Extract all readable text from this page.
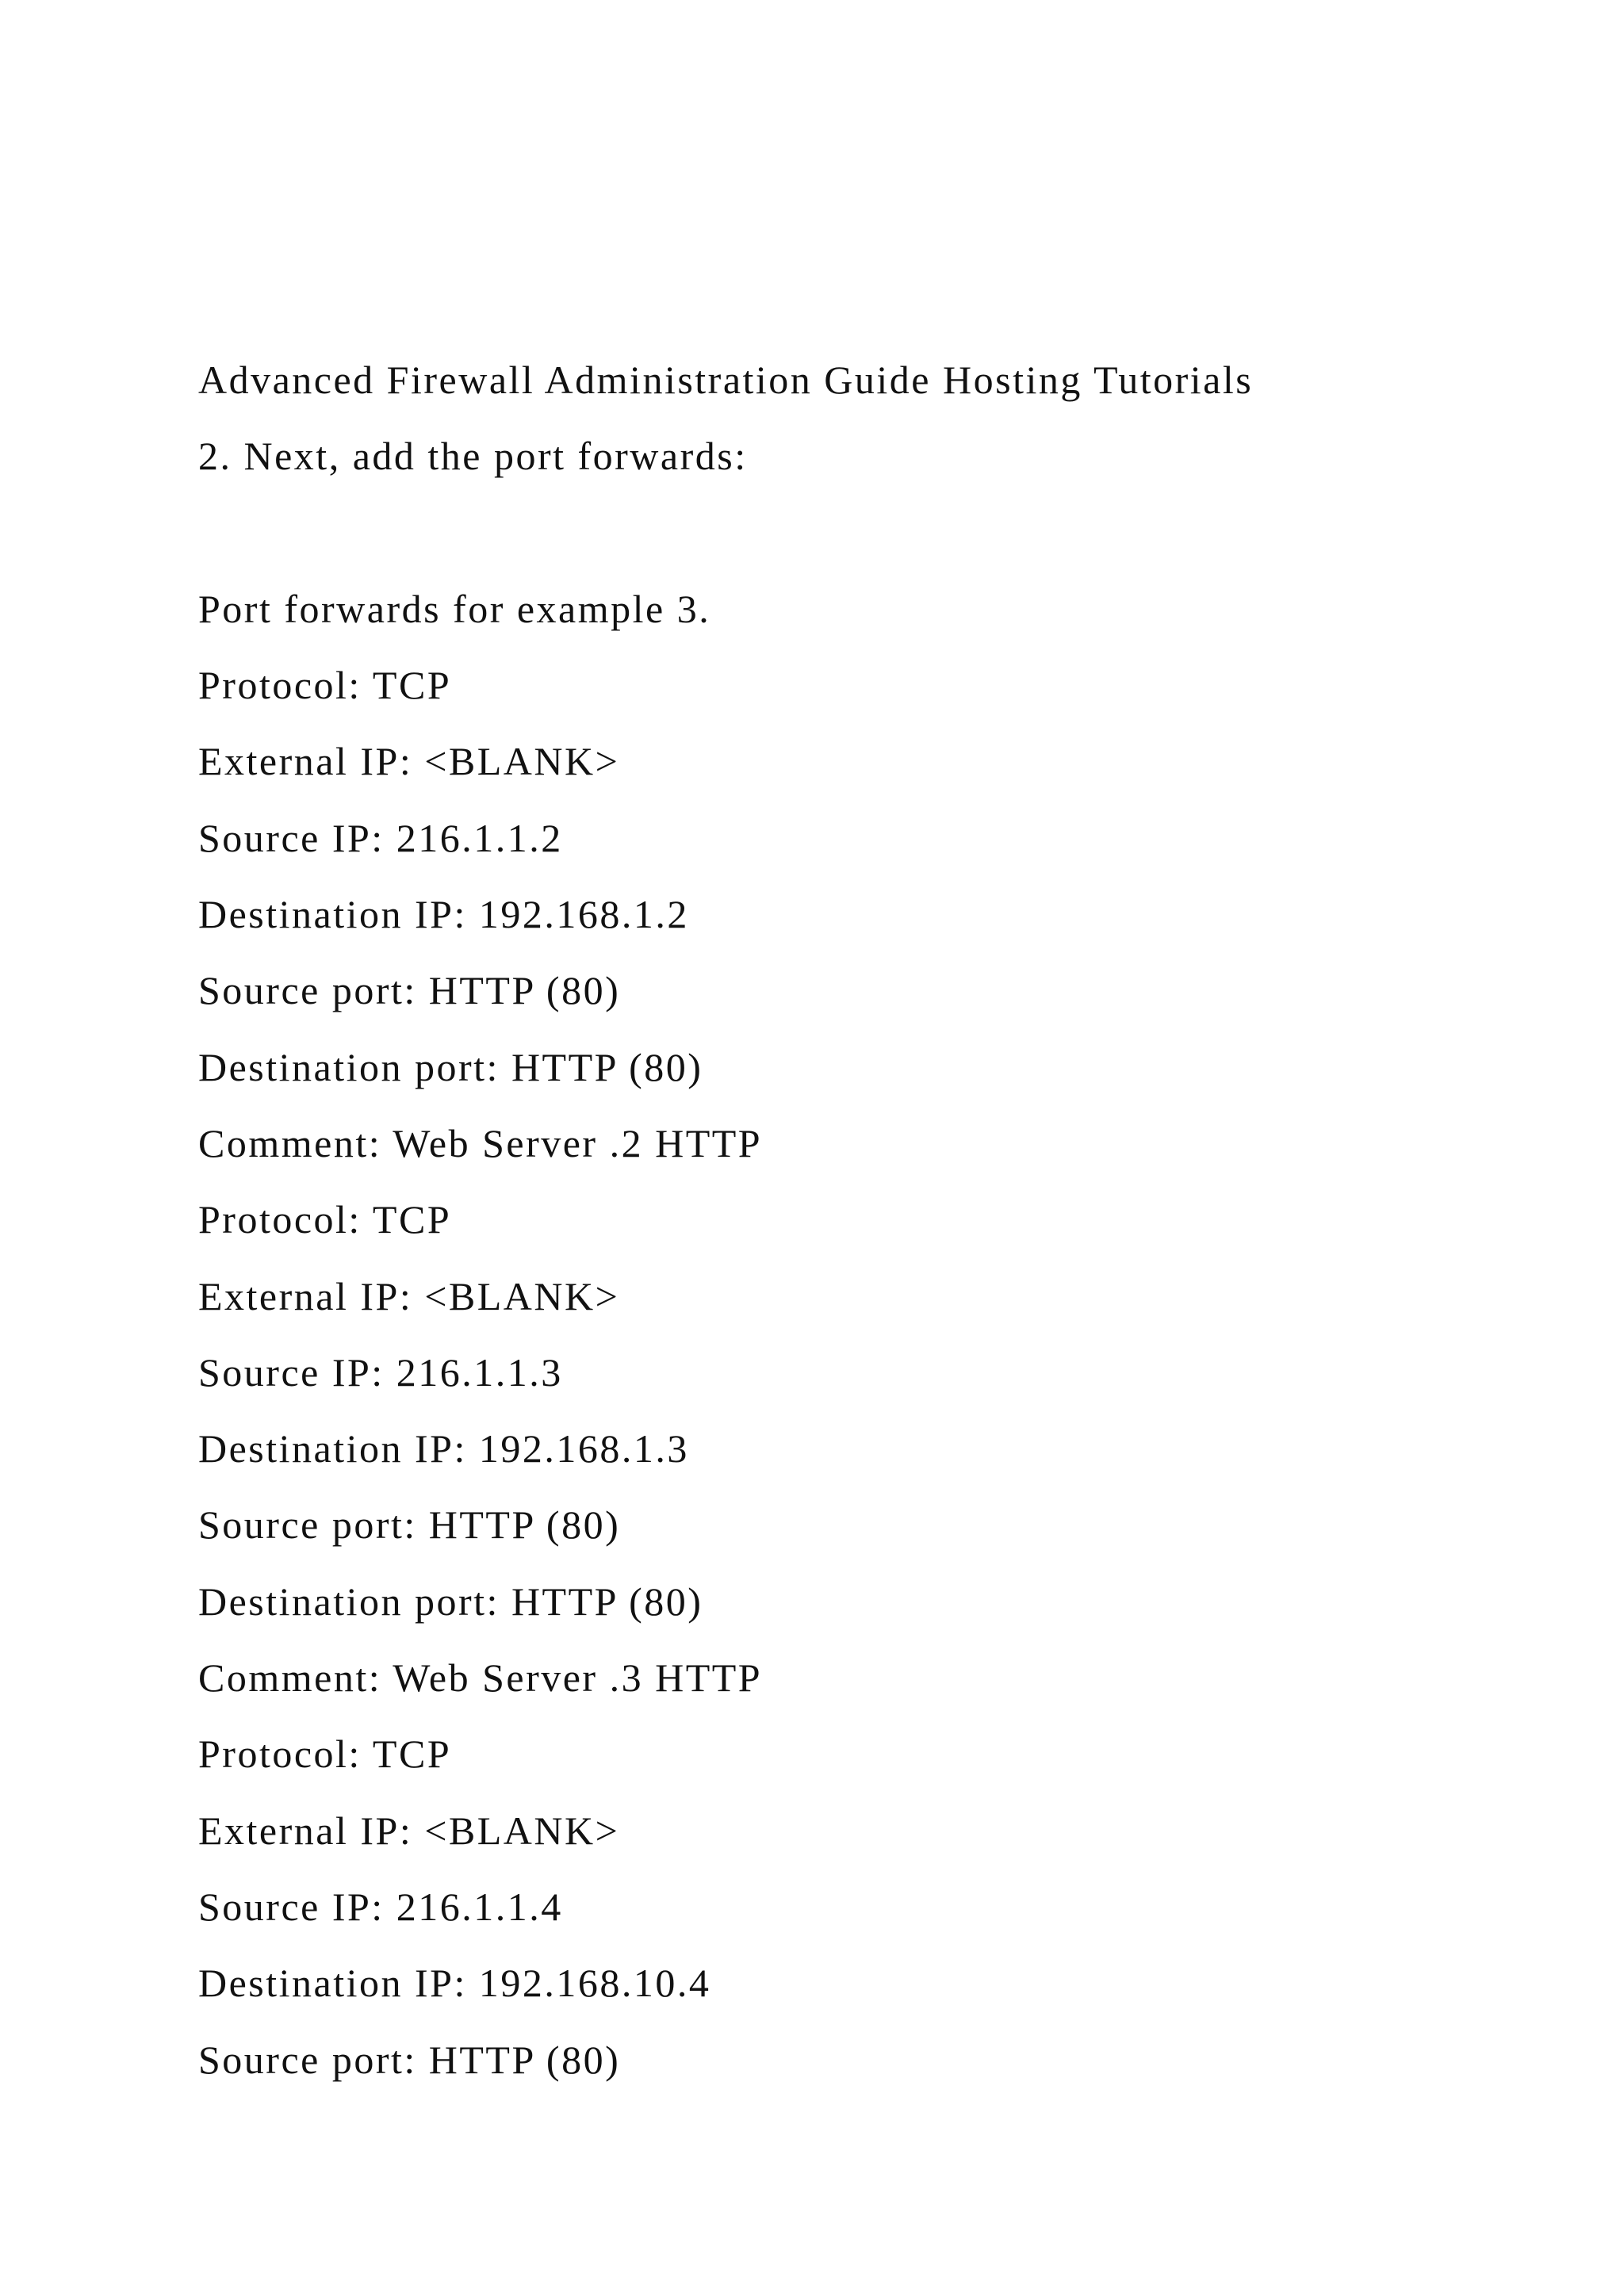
Advanced Firewall Administration Guide Hosting Tutorials
2. Next, add the port forwards:
Port forwards for example 3.
Protocol: TCP
External IP: <BLANK>
Source IP: 216.1.1.2
Destination IP: 192.168.1.2
Source port: HTTP (80)
Destination port: HTTP (80)
Comment: Web Server .2 HTTP
Protocol: TCP
External IP: <BLANK>
Source IP: 216.1.1.3
Destination IP: 192.168.1.3
Source port: HTTP (80)
Destination port: HTTP (80)
Comment: Web Server .3 HTTP
Protocol: TCP
External IP: <BLANK>
Source IP: 216.1.1.4
Destination IP: 192.168.10.4
Source port: HTTP (80)
